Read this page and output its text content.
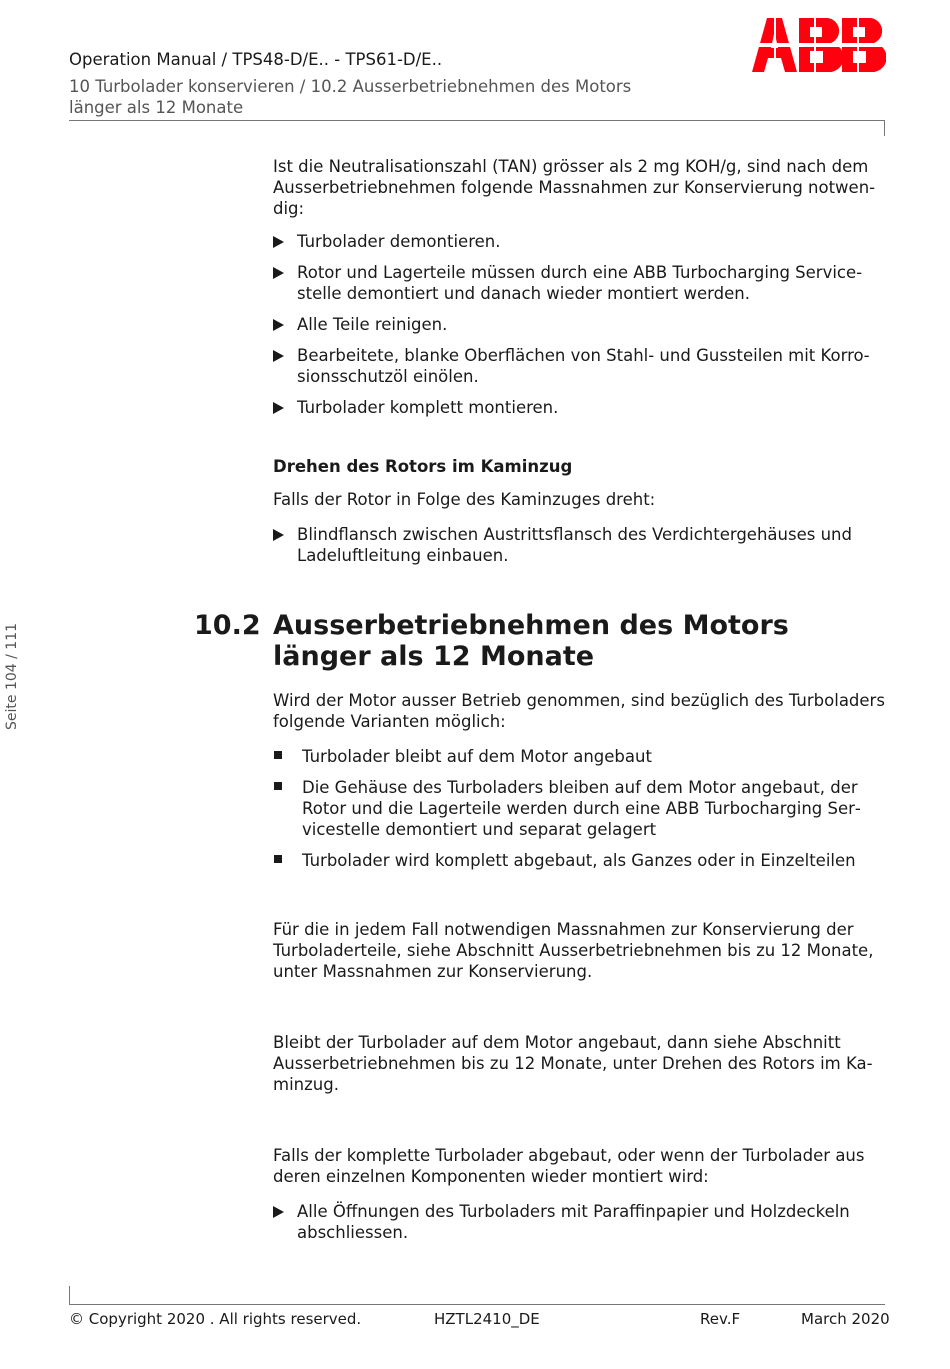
Operation Manual / TPS48-D/E.. - TPS61-D/E..
10 Turbolader konservieren / 10.2 Ausserbetriebnehmen des Motors länger als 12 Monate
Seite 104 / 111

Ist die Neutralisationszahl (TAN) grösser als 2 mg KOH/g, sind nach dem Ausserbetriebnehmen folgende Massnahmen zur Konservierung notwendig:

Turbolader demontieren.
Rotor und Lagerteile müssen durch eine ABB Turbocharging Servicestelle demontiert und danach wieder montiert werden.
Alle Teile reinigen.
Bearbeitete, blanke Oberflächen von Stahl- und Gussteilen mit Korrosionsschutzöl einölen.
Turbolader komplett montieren.

Drehen des Rotors im Kaminzug

Falls der Rotor in Folge des Kaminzuges dreht:

Blindflansch zwischen Austrittsflansch des Verdichtergehäuses und Ladeluftleitung einbauen.
10.2 Ausserbetriebnehmen des Motors länger als 12 Monate

Wird der Motor ausser Betrieb genommen, sind bezüglich des Turboladers folgende Varianten möglich:

Turbolader bleibt auf dem Motor angebaut
Die Gehäuse des Turboladers bleiben auf dem Motor angebaut, der Rotor und die Lagerteile werden durch eine ABB Turbocharging Servicestelle demontiert und separat gelagert
Turbolader wird komplett abgebaut, als Ganzes oder in Einzelteilen

Für die in jedem Fall notwendigen Massnahmen zur Konservierung der Turboladerteile, siehe Abschnitt Ausserbetriebnehmen bis zu 12 Monate, unter Massnahmen zur Konservierung.

Bleibt der Turbolader auf dem Motor angebaut, dann siehe Abschnitt Ausserbetriebnehmen bis zu 12 Monate, unter Drehen des Rotors im Kaminzug.

Falls der komplette Turbolader abgebaut, oder wenn der Turbolader aus deren einzelnen Komponenten wieder montiert wird:

Alle Öffnungen des Turboladers mit Paraffinpapier und Holzdeckeln abschliessen.
© Copyright 2020 . All rights reserved.	HZTL2410_DE	Rev.F	March 2020
